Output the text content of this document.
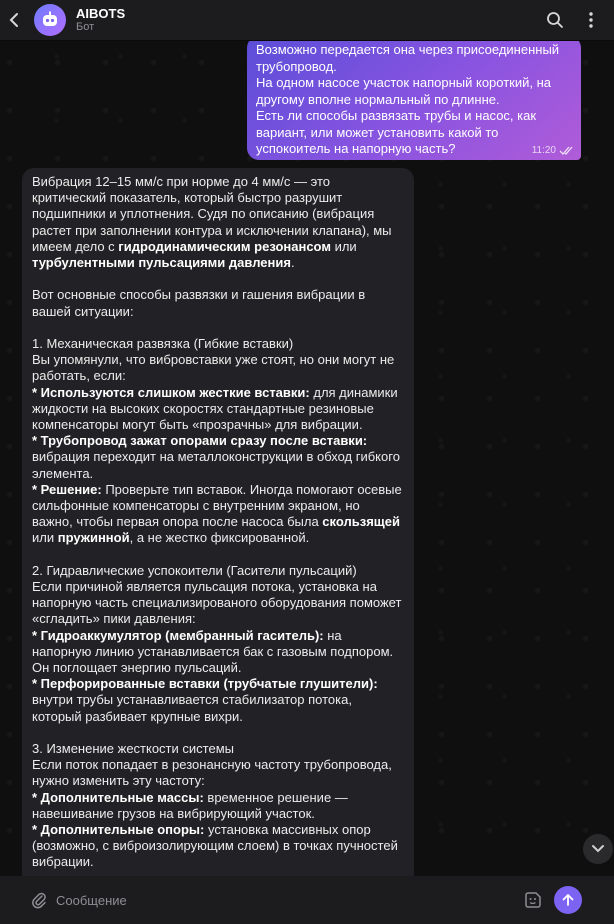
AIBOTS
Бот
Возможно передается она через присоединенный трубопровод.
На одном насосе участок напорный короткий, на другому вполне нормальный по длинне.
Есть ли способы развязать трубы и насос, как вариант, или может установить какой то успокоитель на напорную часть?	11:20

Вибрация 12–15 мм/с при норме до 4 мм/с — это критический показатель, который быстро разрушит подшипники и уплотнения. Судя по описанию (вибрация растет при заполнении контура и исключении клапана), мы имеем дело с гидродинамическим резонансом или турбулентными пульсациями давления.

Вот основные способы развязки и гашения вибрации в вашей ситуации:

1. Механическая развязка (Гибкие вставки)

Вы упомянули, что вибровставки уже стоят, но они могут не работать, если:

* Используются слишком жесткие вставки: для динамики жидкости на высоких скоростях стандартные резиновые компенсаторы могут быть «прозрачны» для вибрации.

* Трубопровод зажат опорами сразу после вставки: вибрация переходит на металлоконструкции в обход гибкого элемента.

* Решение: Проверьте тип вставок. Иногда помогают осевые сильфонные компенсаторы с внутренним экраном, но важно, чтобы первая опора после насоса была скользящей или пружинной, а не жестко фиксированной.

2. Гидравлические успокоители (Гасители пульсаций)

Если причиной является пульсация потока, установка на напорную часть специализированого оборудования поможет «сгладить» пики давления:

* Гидроаккумулятор (мембранный гаситель): на напорную линию устанавливается бак с газовым подпором. Он поглощает энергию пульсаций.

* Перфорированные вставки (трубчатые глушители): внутри трубы устанавливается стабилизатор потока, который разбивает крупные вихри.

3. Изменение жесткости системы

Если поток попадает в резонансную частоту трубопровода, нужно изменить эту частоту:

* Дополнительные массы: временное решение — навешивание грузов на вибрирующий участок.

* Дополнительные опоры: установка массивных опор (возможно, с виброизолирующим слоем) в точках пучностей вибрации.

Сообщение
